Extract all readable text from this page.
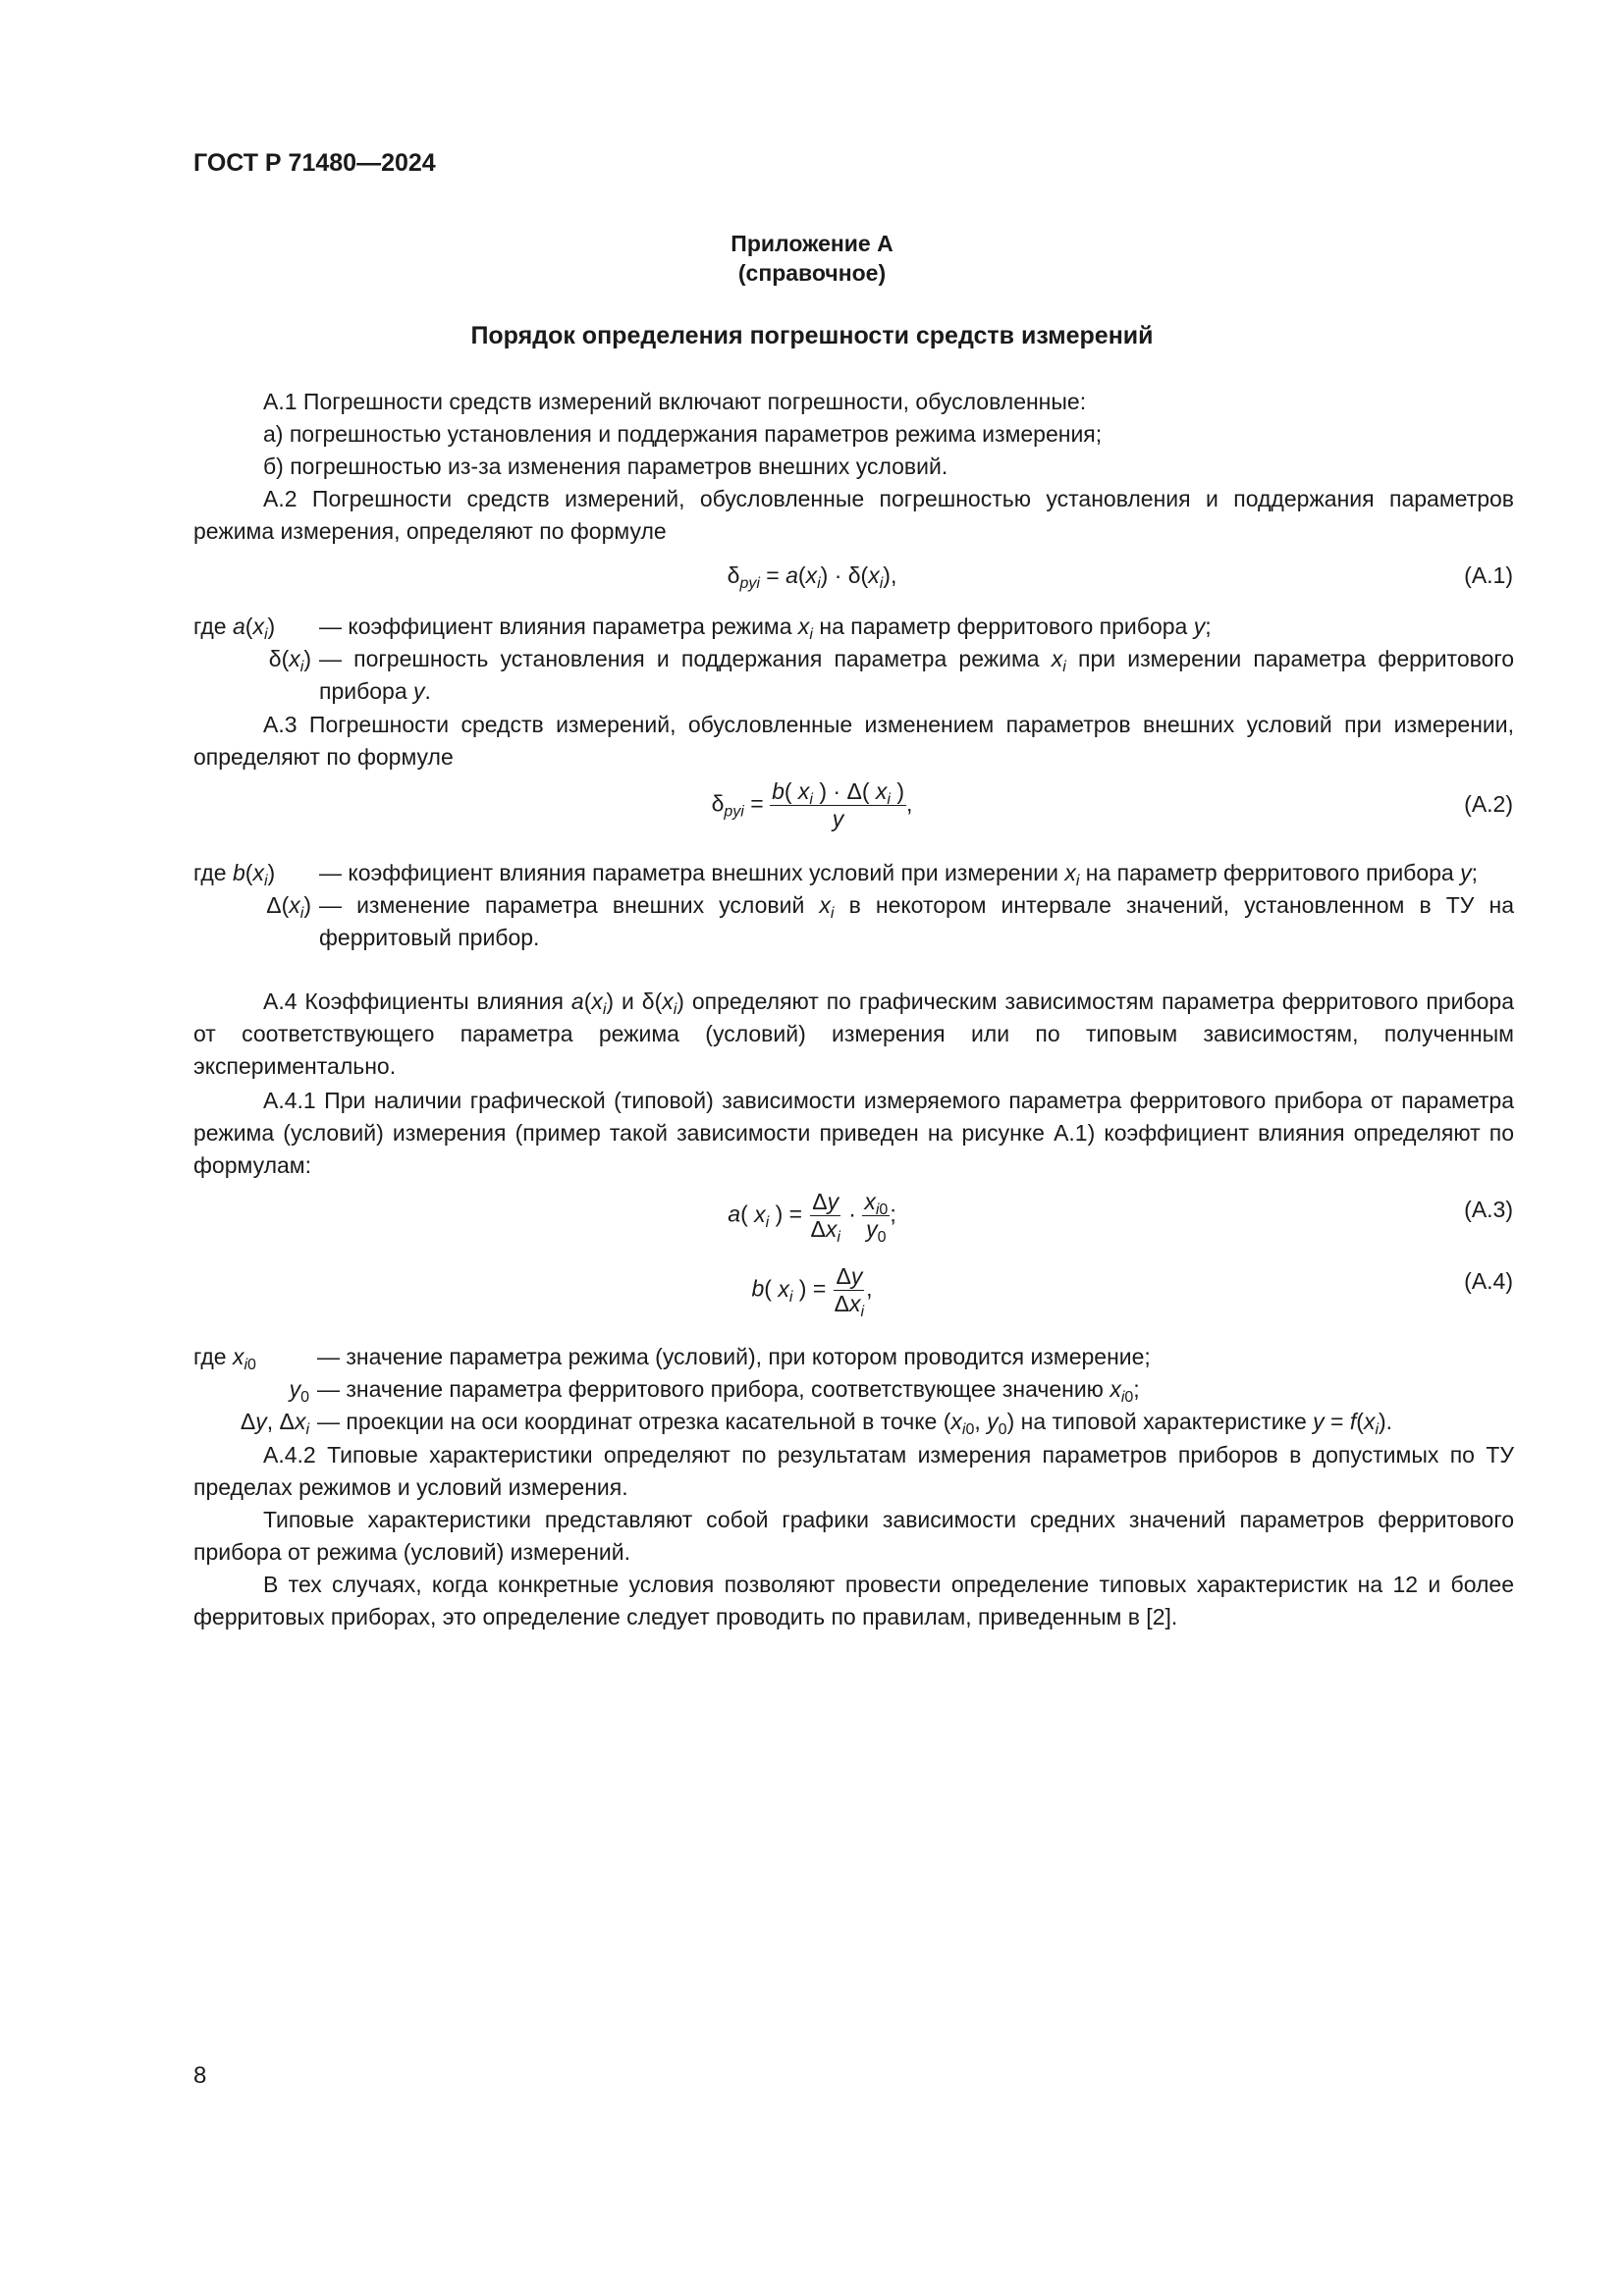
ГОСТ Р 71480—2024
Приложение А
(справочное)
Порядок определения погрешности средств измерений
А.1 Погрешности средств измерений включают погрешности, обусловленные:
а) погрешностью установления и поддержания параметров режима измерения;
б) погрешностью из-за изменения параметров внешних условий.
А.2 Погрешности средств измерений, обусловленные погрешностью установления и поддержания параметров режима измерения, определяют по формуле
$\delta_{pyi} = a(x_i) \cdot \delta(x_i)$,	(А.1)
где $a(x_i)$	— коэффициент влияния параметра режима $x_i$ на параметр ферритового прибора y;
$\delta(x_i)$ — погрешность установления и поддержания параметра режима $x_i$ при измерении параметра ферритового прибора y.
А.3 Погрешности средств измерений, обусловленные изменением параметров внешних условий при измерении, определяют по формуле
$\delta_{pyi} = \frac{b( x_i ) \cdot \Delta( x_i )}{y}$ ,	(А.2)
где $b(x_i)$	— коэффициент влияния параметра внешних условий при измерении $x_i$ на параметр ферритового прибора y;
$\Delta(x_i)$ — изменение параметра внешних условий $x_i$ в некотором интервале значений, установленном в ТУ на ферритовый прибор.
А.4 Коэффициенты влияния $a(x_i)$ и $\delta(x_i)$ определяют по графическим зависимостям параметра ферритового прибора от соответствующего параметра режима (условий) измерения или по типовым зависимостям, полученным экспериментально.
А.4.1 При наличии графической (типовой) зависимости измеряемого параметра ферритового прибора от параметра режима (условий) измерения (пример такой зависимости приведен на рисунке А.1) коэффициент влияния определяют по формулам:
a( $x_i$ ) = $\frac{\Delta y}{\Delta x_i} \cdot \frac{x_{i0}}{y_0}$ ;	(А.3)
b( $x_i$ ) = $\frac{\Delta y}{\Delta x_i}$ ,	(А.4)
где $x_{i0}$	— значение параметра режима (условий), при котором проводится измерение;
$y_0$ — значение параметра ферритового прибора, соответствующее значению $x_{i0}$;
Δy, $\Delta x_i$ — проекции на оси координат отрезка касательной в точке ($x_{i0}$, $y_0$) на типовой характеристике $y = f(x_i)$.
А.4.2 Типовые характеристики определяют по результатам измерения параметров приборов в допустимых по ТУ пределах режимов и условий измерения.
Типовые характеристики представляют собой графики зависимости средних значений параметров ферритового прибора от режима (условий) измерений.
В тех случаях, когда конкретные условия позволяют провести определение типовых характеристик на 12 и более ферритовых приборах, это определение следует проводить по правилам, приведенным в [2].
8
